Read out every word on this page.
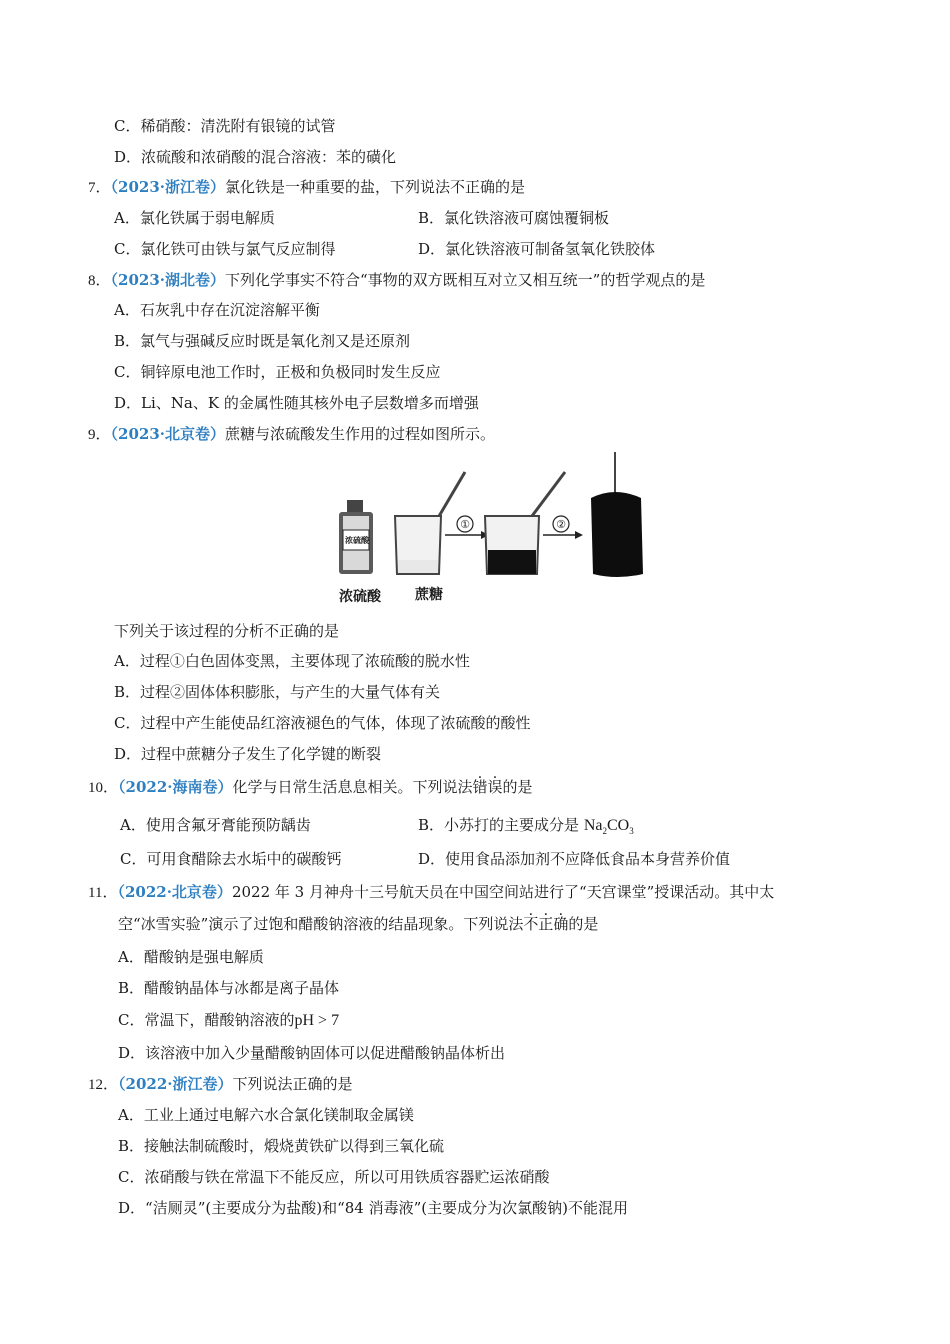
C．稀硝酸：清洗附有银镜的试管
D．浓硫酸和浓硝酸的混合溶液：苯的磺化
7．（2023·浙江卷）氯化铁是一种重要的盐，下列说法不正确的是
A．氯化铁属于弱电解质	B．氯化铁溶液可腐蚀覆铜板
C．氯化铁可由铁与氯气反应制得	D．氯化铁溶液可制备氢氧化铁胶体
8．（2023·湖北卷）下列化学事实不符合“事物的双方既相互对立又相互统一”的哲学观点的是
A．石灰乳中存在沉淀溶解平衡
B．氯气与强碱反应时既是氧化剂又是还原剂
C．铜锌原电池工作时，正极和负极同时发生反应
D．Li、Na、K 的金属性随其核外电子层数增多而增强
9．（2023·北京卷）蔗糖与浓硫酸发生作用的过程如图所示。
①	②
浓硫酸 蔗糖
浓硫酸
下列关于该过程的分析不正确的是
A．过程①白色固体变黑，主要体现了浓硫酸的脱水性
B．过程②固体体积膨胀，与产生的大量气体有关
C．过程中产生能使品红溶液褪色的气体，体现了浓硫酸的酸性
D．过程中蔗糖分子发生了化学键的断裂
10．（2022·海南卷）化学与日常生活息息相关。下列说法错误的是
A．使用含氟牙膏能预防龋齿	B．小苏打的主要成分是 $Na_2CO_3$
C．可用食醋除去水垢中的碳酸钙	D．使用食品添加剂不应降低食品本身营养价值
11．（2022·北京卷）2022 年 3 月神舟十三号航天员在中国空间站进行了“天宫课堂”授课活动。其中太
空“冰雪实验”演示了过饱和醋酸钠溶液的结晶现象。下列说法不正确的是
A．醋酸钠是强电解质
B．醋酸钠晶体与冰都是离子晶体
C．常温下，醋酸钠溶液的pH > 7
D．该溶液中加入少量醋酸钠固体可以促进醋酸钠晶体析出
12．（2022·浙江卷）下列说法正确的是
A．工业上通过电解六水合氯化镁制取金属镁
B．接触法制硫酸时，煅烧黄铁矿以得到三氧化硫
C．浓硝酸与铁在常温下不能反应，所以可用铁质容器贮运浓硝酸
D．“洁厕灵”(主要成分为盐酸)和“84 消毒液”(主要成分为次氯酸钠)不能混用
